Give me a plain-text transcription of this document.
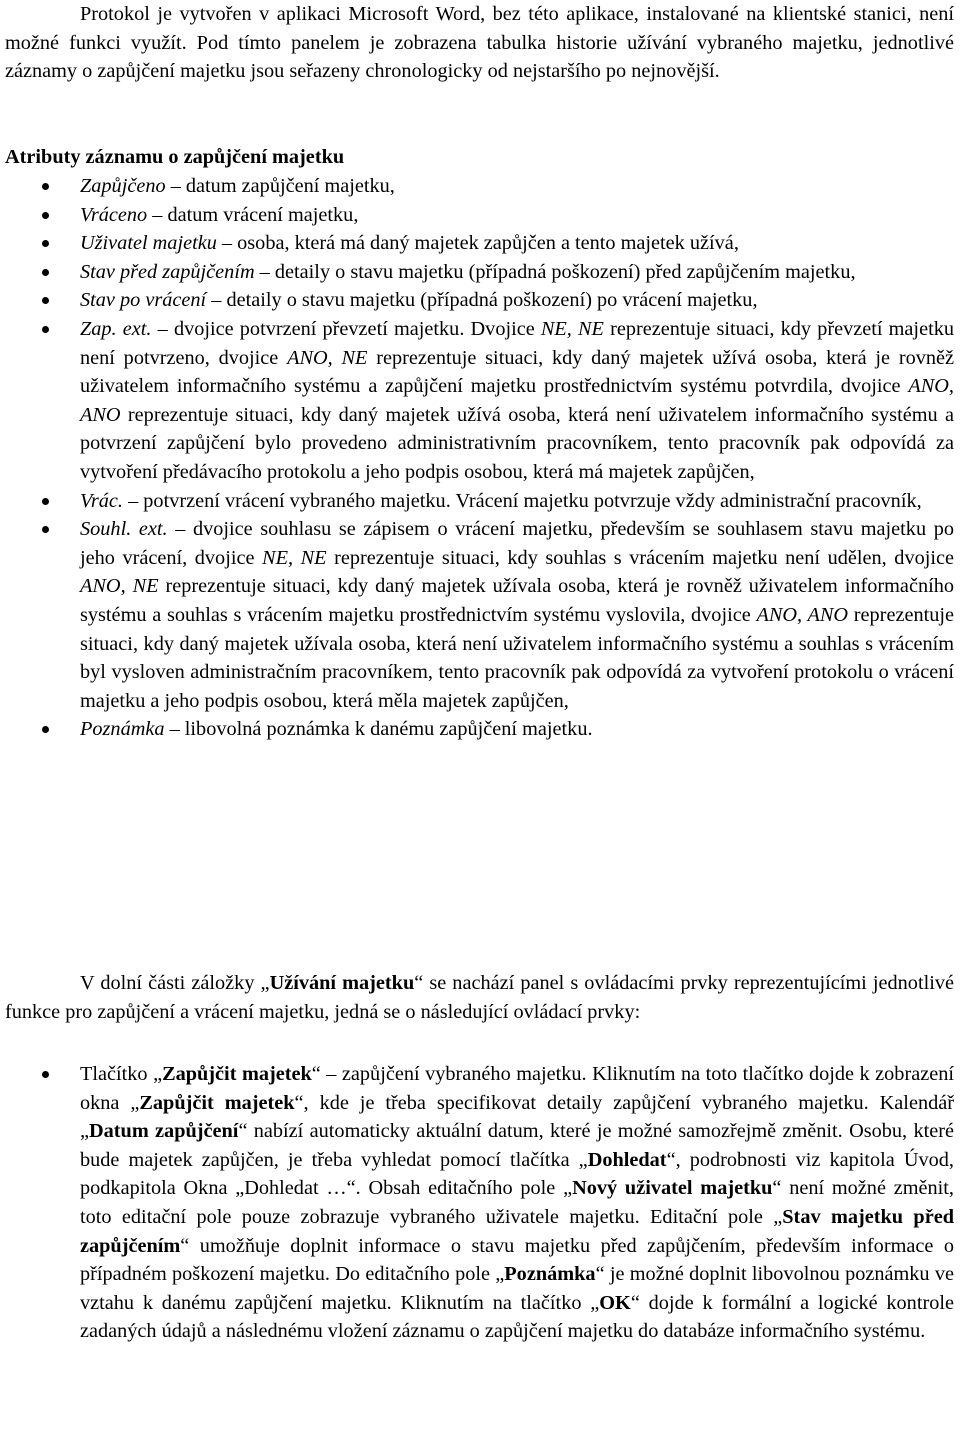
Protokol je vytvořen v aplikaci Microsoft Word, bez této aplikace, instalované na klientské stanici, není možné funkci využít. Pod tímto panelem je zobrazena tabulka historie užívání vybraného majetku, jednotlivé záznamy o zapůjčení majetku jsou seřazeny chronologicky od nejstaršího po nejnovější.

Atributy záznamu o zapůjčení majetku

Zapůjčeno – datum zapůjčení majetku,
Vráceno – datum vrácení majetku,
Uživatel majetku – osoba, která má daný majetek zapůjčen a tento majetek užívá,
Stav před zapůjčením – detaily o stavu majetku (případná poškození) před zapůjčením majetku,
Stav po vrácení – detaily o stavu majetku (případná poškození) po vrácení majetku,
Zap. ext. – dvojice potvrzení převzetí majetku. Dvojice NE, NE reprezentuje situaci, kdy převzetí majetku není potvrzeno, dvojice ANO, NE reprezentuje situaci, kdy daný majetek užívá osoba, která je rovněž uživatelem informačního systému a zapůjčení majetku prostřednictvím systému potvrdila, dvojice ANO, ANO reprezentuje situaci, kdy daný majetek užívá osoba, která není uživatelem informačního systému a potvrzení zapůjčení bylo provedeno administrativním pracovníkem, tento pracovník pak odpovídá za vytvoření předávacího protokolu a jeho podpis osobou, která má majetek zapůjčen,
Vrác. – potvrzení vrácení vybraného majetku. Vrácení majetku potvrzuje vždy administrační pracovník,
Souhl. ext. – dvojice souhlasu se zápisem o vrácení majetku, především se souhlasem stavu majetku po jeho vrácení, dvojice NE, NE reprezentuje situaci, kdy souhlas s vrácením majetku není udělen, dvojice ANO, NE reprezentuje situaci, kdy daný majetek užívala osoba, která je rovněž uživatelem informačního systému a souhlas s vrácením majetku prostřednictvím systému vyslovila, dvojice ANO, ANO reprezentuje situaci, kdy daný majetek užívala osoba, která není uživatelem informačního systému a souhlas s vrácením byl vysloven administračním pracovníkem, tento pracovník pak odpovídá za vytvoření protokolu o vrácení majetku a jeho podpis osobou, která měla majetek zapůjčen,
Poznámka – libovolná poznámka k danému zapůjčení majetku.

V dolní části záložky „Užívání majetku“ se nachází panel s ovládacími prvky reprezentujícími jednotlivé funkce pro zapůjčení a vrácení majetku, jedná se o následující ovládací prvky:

Tlačítko „Zapůjčit majetek“ – zapůjčení vybraného majetku. Kliknutím na toto tlačítko dojde k zobrazení okna „Zapůjčit majetek“, kde je třeba specifikovat detaily zapůjčení vybraného majetku. Kalendář „Datum zapůjčení“ nabízí automaticky aktuální datum, které je možné samozřejmě změnit. Osobu, které bude majetek zapůjčen, je třeba vyhledat pomocí tlačítka „Dohledat“, podrobnosti viz kapitola Úvod, podkapitola Okna „Dohledat …“. Obsah editačního pole „Nový uživatel majetku“ není možné změnit, toto editační pole pouze zobrazuje vybraného uživatele majetku. Editační pole „Stav majetku před zapůjčením“ umožňuje doplnit informace o stavu majetku před zapůjčením, především informace o případném poškození majetku. Do editačního pole „Poznámka“ je možné doplnit libovolnou poznámku ve vztahu k danému zapůjčení majetku. Kliknutím na tlačítko „OK“ dojde k formální a logické kontrole zadaných údajů a následnému vložení záznamu o zapůjčení majetku do databáze informačního systému.
